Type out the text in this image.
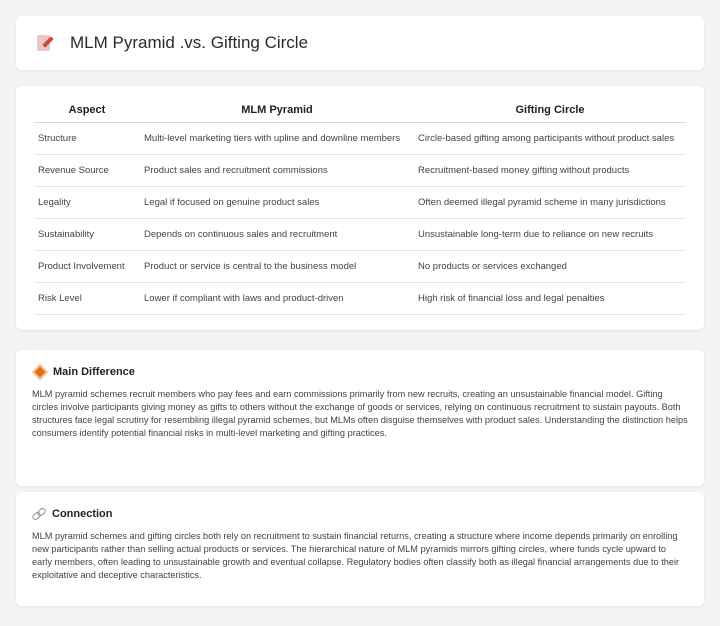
MLM Pyramid .vs. Gifting Circle
Aspect	MLM Pyramid	Gifting Circle
Structure	Multi-level marketing tiers with upline and downline members	Circle-based gifting among participants without product sales
Revenue Source	Product sales and recruitment commissions	Recruitment-based money gifting without products
Legality	Legal if focused on genuine product sales	Often deemed illegal pyramid scheme in many jurisdictions
Sustainability	Depends on continuous sales and recruitment	Unsustainable long-term due to reliance on new recruits
Product Involvement	Product or service is central to the business model	No products or services exchanged
Risk Level	Lower if compliant with laws and product-driven	High risk of financial loss and legal penalties
Main Difference

MLM pyramid schemes recruit members who pay fees and earn commissions primarily from new recruits, creating an unsustainable financial model. Gifting circles involve participants giving money as gifts to others without the exchange of goods or services, relying on continuous recruitment to sustain payouts. Both structures face legal scrutiny for resembling illegal pyramid schemes, but MLMs often disguise themselves with product sales. Understanding the distinction helps consumers identify potential financial risks in multi-level marketing and gifting practices.

Connection

MLM pyramid schemes and gifting circles both rely on recruitment to sustain financial returns, creating a structure where income depends primarily on enrolling new participants rather than selling actual products or services. The hierarchical nature of MLM pyramids mirrors gifting circles, where funds cycle upward to early members, often leading to unsustainable growth and eventual collapse. Regulatory bodies often classify both as illegal financial arrangements due to their exploitative and deceptive characteristics.
